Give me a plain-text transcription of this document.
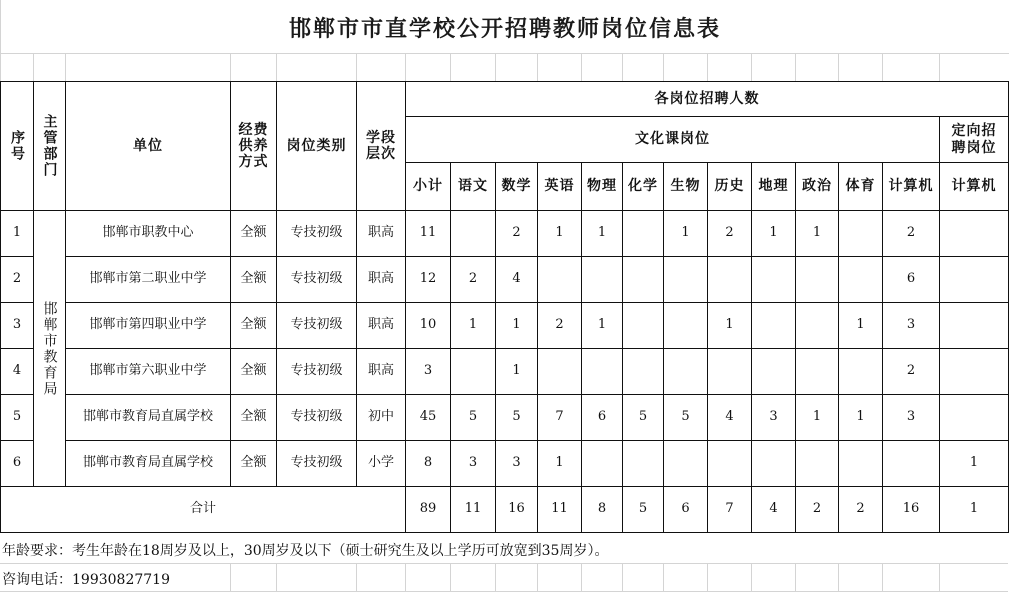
邯郸市市直学校公开招聘教师岗位信息表
序号	主管部门	单位	经费供养方式	岗位类别	学段层次	各岗位招聘人数												
						文化课岗位												定向招聘岗位
						小计	语文	数学	英语	物理	化学	生物	历史	地理	政治	体育	计算机	计算机
1	邯郸市教育局	邯郸市职教中心	全额	专技初级	职高	11		2	1	1		1	2	1	1		2	
2		邯郸市第二职业中学	全额	专技初级	职高	12	2	4									6	
3		邯郸市第四职业中学	全额	专技初级	职高	10	1	1	2	1			1			1	3	
4		邯郸市第六职业中学	全额	专技初级	职高	3		1									2	
5		邯郸市教育局直属学校	全额	专技初级	初中	45	5	5	7	6	5	5	4	3	1	1	3	
6		邯郸市教育局直属学校	全额	专技初级	小学	8	3	3	1									1
合计						89	11	16	11	8	5	6	7	4	2	2	16	1
年龄要求：考生年龄在18周岁及以上，30周岁及以下（硕士研究生及以上学历可放宽到35周岁）。
咨询电话：19930827719
